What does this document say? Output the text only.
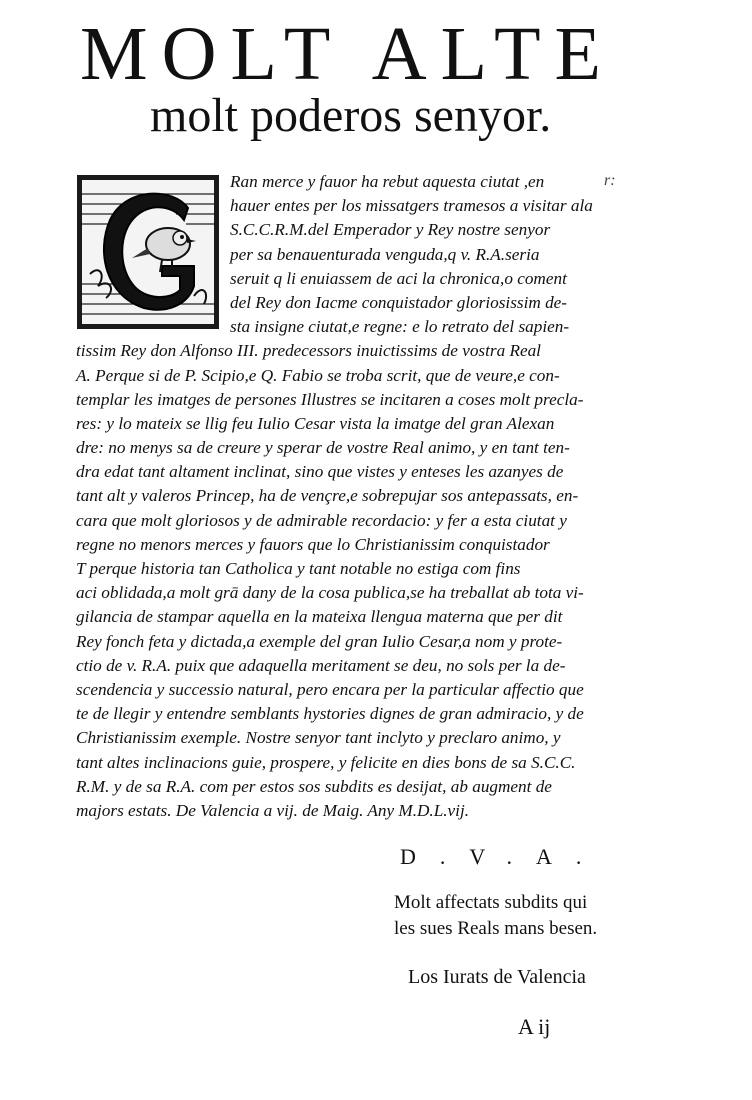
MOLT ALTE
molt poderos senyor.
r:
Ran merce y fauor ha rebut aquesta ciutat ,en
hauer entes per los missatgers tramesos a visitar ala
S.C.C.R.M.del Emperador y Rey nostre senyor
per sa benauenturada venguda,q v. R.A.seria
seruit q li enuiassem de aci la chronica,o coment
del Rey don Iacme conquistador gloriosissim de-
sta insigne ciutat,e regne: e lo retrato del sapien-
tissim Rey don Alfonso III. predecessors inuictissims de vostra Real
A. Perque si de P. Scipio,e Q. Fabio se troba scrit, que de veure,e con-
templar les imatges de persones Illustres se incitaren a coses molt precla-
res: y lo mateix se llig feu Iulio Cesar vista la imatge del gran Alexan
dre: no menys sa de creure y sperar de vostre Real animo, y en tant ten-
dra edat tant altament inclinat, sino que vistes y enteses les azanyes de
tant alt y valeros Princep, ha de vençre,e sobrepujar sos antepassats, en-
cara que molt gloriosos y de admirable recordacio: y fer a esta ciutat y
regne no menors merces y fauors que lo Christianissim conquistador
T perque historia tan Catholica y tant notable no estiga com fins
aci oblidada,a molt grā dany de la cosa publica,se ha treballat ab tota vi-
gilancia de stampar aquella en la mateixa llengua materna que per dit
Rey fonch feta y dictada,a exemple del gran Iulio Cesar,a nom y prote-
ctio de v. R.A. puix que adaquella meritament se deu, no sols per la de-
scendencia y successio natural, pero encara per la particular affectio que
te de llegir y entendre semblants hystories dignes de gran admiracio, y de
Christianissim exemple. Nostre senyor tant inclyto y preclaro animo, y
tant altes inclinacions guie, prospere, y felicite en dies bons de sa S.C.C.
R.M. y de sa R.A. com per estos sos subdits es desijat, ab augment de
majors estats. De Valencia a vij. de Maig. Any M.D.L.vij.
D.V.A.
Molt affectats subdits qui
les sues Reals mans besen.
Los Iurats de Valencia
A ij
